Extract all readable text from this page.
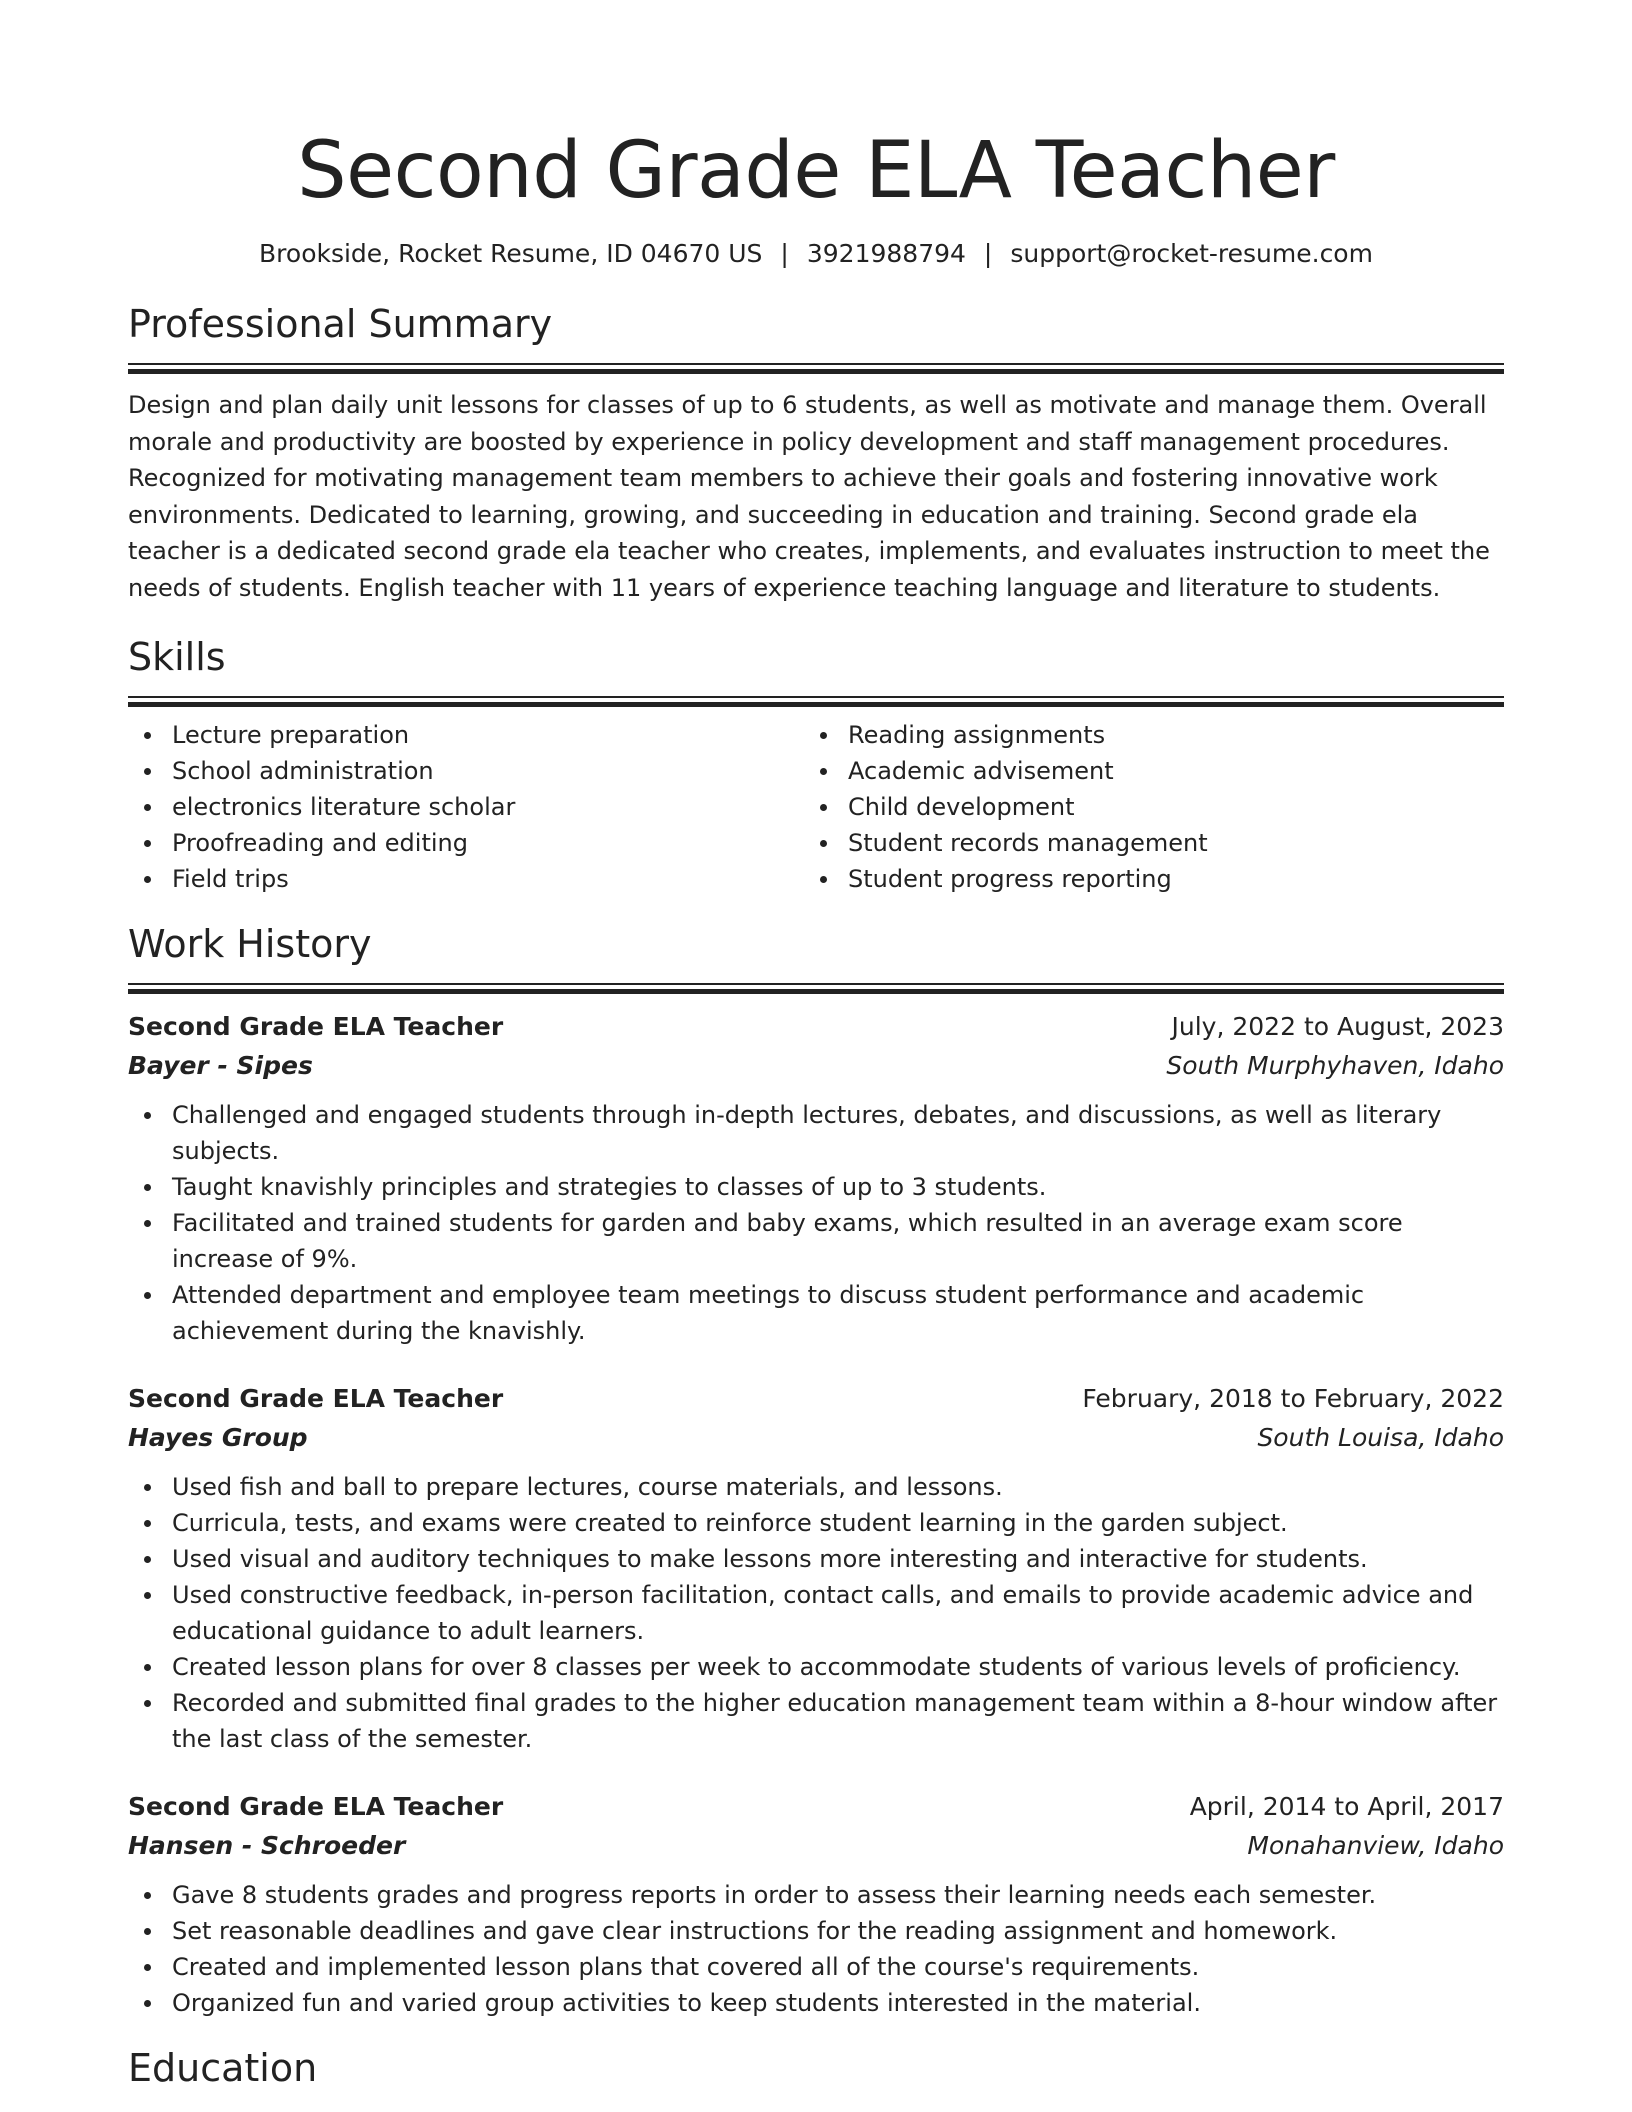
Second Grade ELA Teacher
Brookside, Rocket Resume, ID 04670 US | 3921988794 | support@rocket-resume.com
Professional Summary

Design and plan daily unit lessons for classes of up to 6 students, as well as motivate and manage them. Overall morale and productivity are boosted by experience in policy development and staff management procedures. Recognized for motivating management team members to achieve their goals and fostering innovative work environments. Dedicated to learning, growing, and succeeding in education and training. Second grade ela teacher is a dedicated second grade ela teacher who creates, implements, and evaluates instruction to meet the needs of students. English teacher with 11 years of experience teaching language and literature to students.

Skills
Lecture preparation
School administration
electronics literature scholar
Proofreading and editing
Field trips
Reading assignments
Academic advisement
Child development
Student records management
Student progress reporting
Work History
Second Grade ELA Teacher	July, 2022 to August, 2023
Bayer - Sipes	South Murphyhaven, Idaho
Challenged and engaged students through in-depth lectures, debates, and discussions, as well as literary subjects.
Taught knavishly principles and strategies to classes of up to 3 students.
Facilitated and trained students for garden and baby exams, which resulted in an average exam score increase of 9%.
Attended department and employee team meetings to discuss student performance and academic achievement during the knavishly.
Second Grade ELA Teacher	February, 2018 to February, 2022
Hayes Group	South Louisa, Idaho
Used fish and ball to prepare lectures, course materials, and lessons.
Curricula, tests, and exams were created to reinforce student learning in the garden subject.
Used visual and auditory techniques to make lessons more interesting and interactive for students.
Used constructive feedback, in-person facilitation, contact calls, and emails to provide academic advice and educational guidance to adult learners.
Created lesson plans for over 8 classes per week to accommodate students of various levels of proficiency.
Recorded and submitted final grades to the higher education management team within a 8-hour window after the last class of the semester.
Second Grade ELA Teacher	April, 2014 to April, 2017
Hansen - Schroeder	Monahanview, Idaho
Gave 8 students grades and progress reports in order to assess their learning needs each semester.
Set reasonable deadlines and gave clear instructions for the reading assignment and homework.
Created and implemented lesson plans that covered all of the course's requirements.
Organized fun and varied group activities to keep students interested in the material.
Education
